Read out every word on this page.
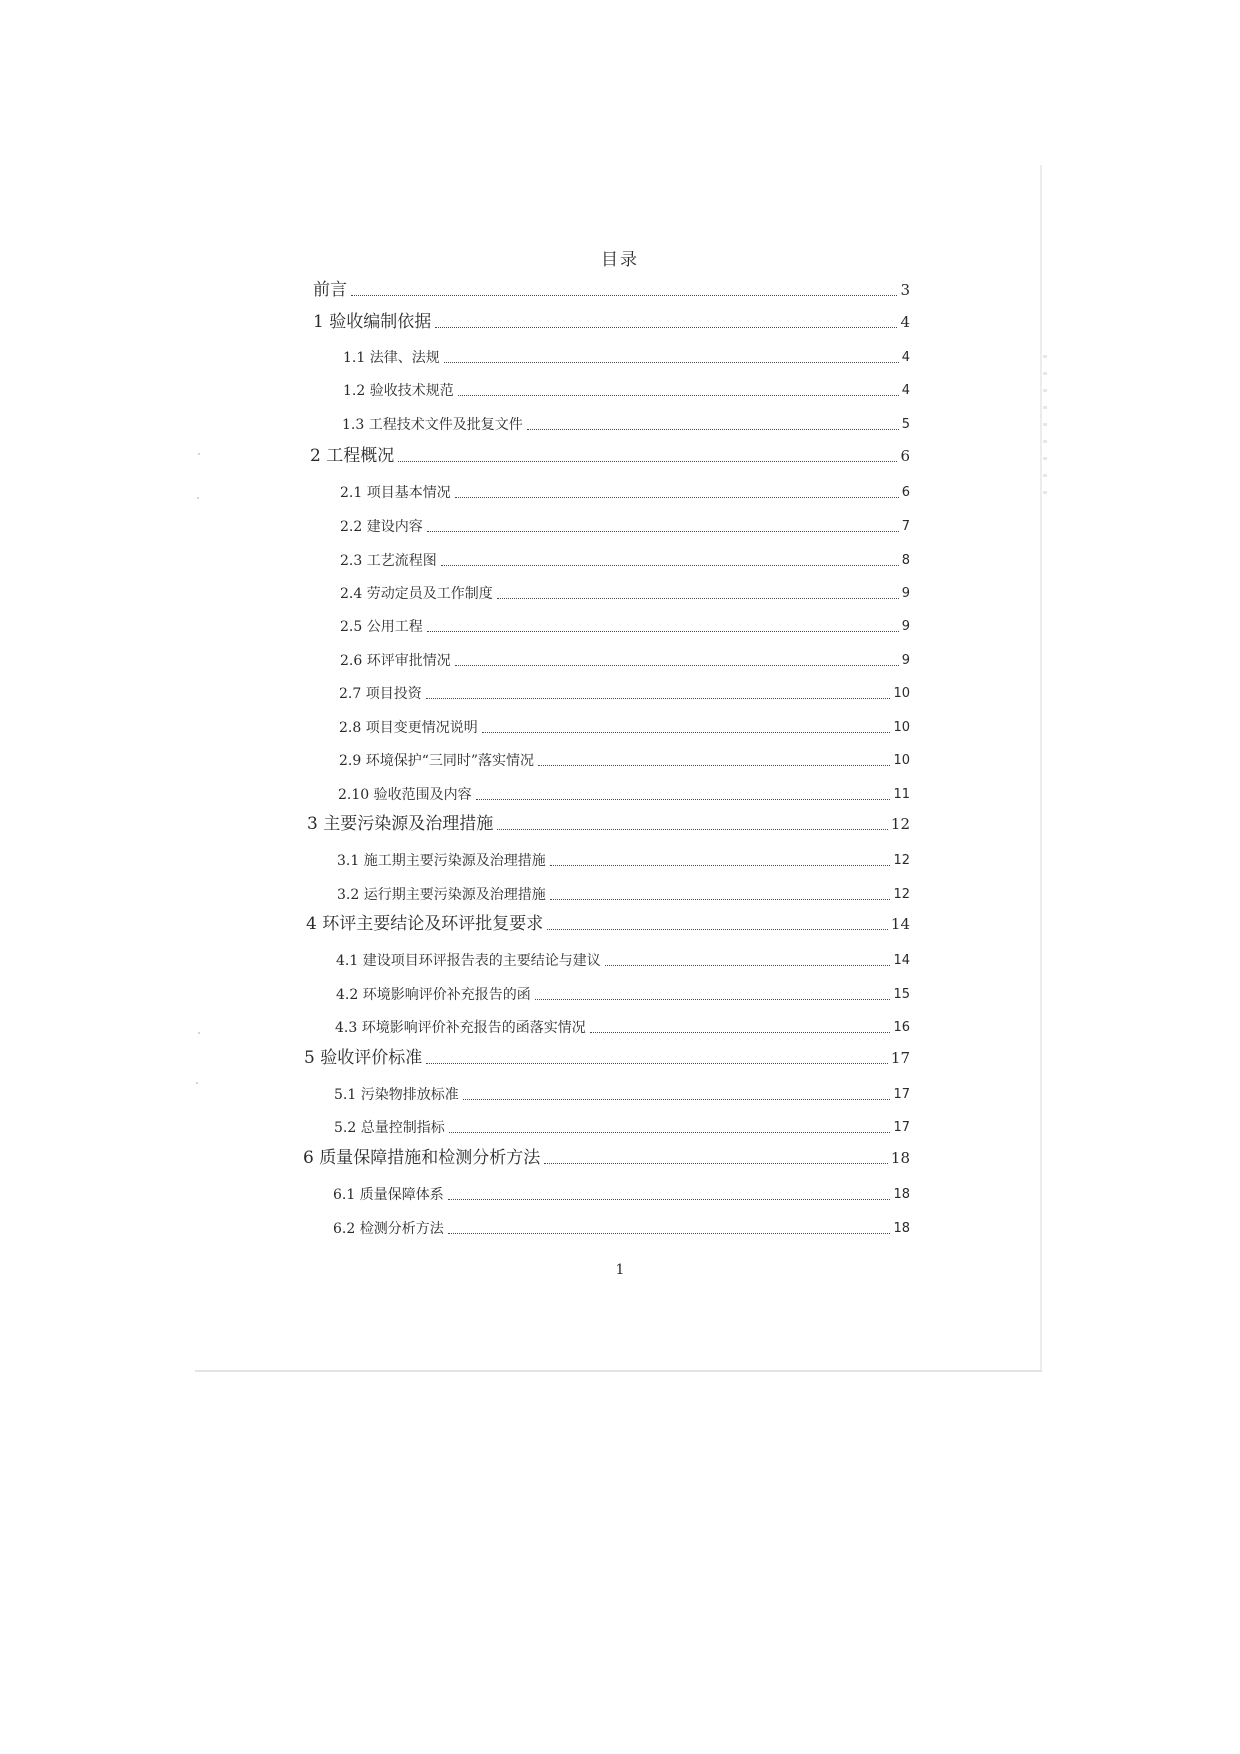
目录
前言	3
1 验收编制依据	4
1.1 法律、法规	4
1.2 验收技术规范	4
1.3 工程技术文件及批复文件	5
2 工程概况	6
2.1 项目基本情况	6
2.2 建设内容	7
2.3 工艺流程图	8
2.4 劳动定员及工作制度	9
2.5 公用工程	9
2.6 环评审批情况	9
2.7 项目投资	10
2.8 项目变更情况说明	10
2.9 环境保护“三同时”落实情况	10
2.10 验收范围及内容	11
3 主要污染源及治理措施	12
3.1 施工期主要污染源及治理措施	12
3.2 运行期主要污染源及治理措施	12
4 环评主要结论及环评批复要求	14
4.1 建设项目环评报告表的主要结论与建议	14
4.2 环境影响评价补充报告的函	15
4.3 环境影响评价补充报告的函落实情况	16
5 验收评价标准	17
5.1 污染物排放标准	17
5.2 总量控制指标	17
6 质量保障措施和检测分析方法	18
6.1 质量保障体系	18
6.2 检测分析方法	18
1
